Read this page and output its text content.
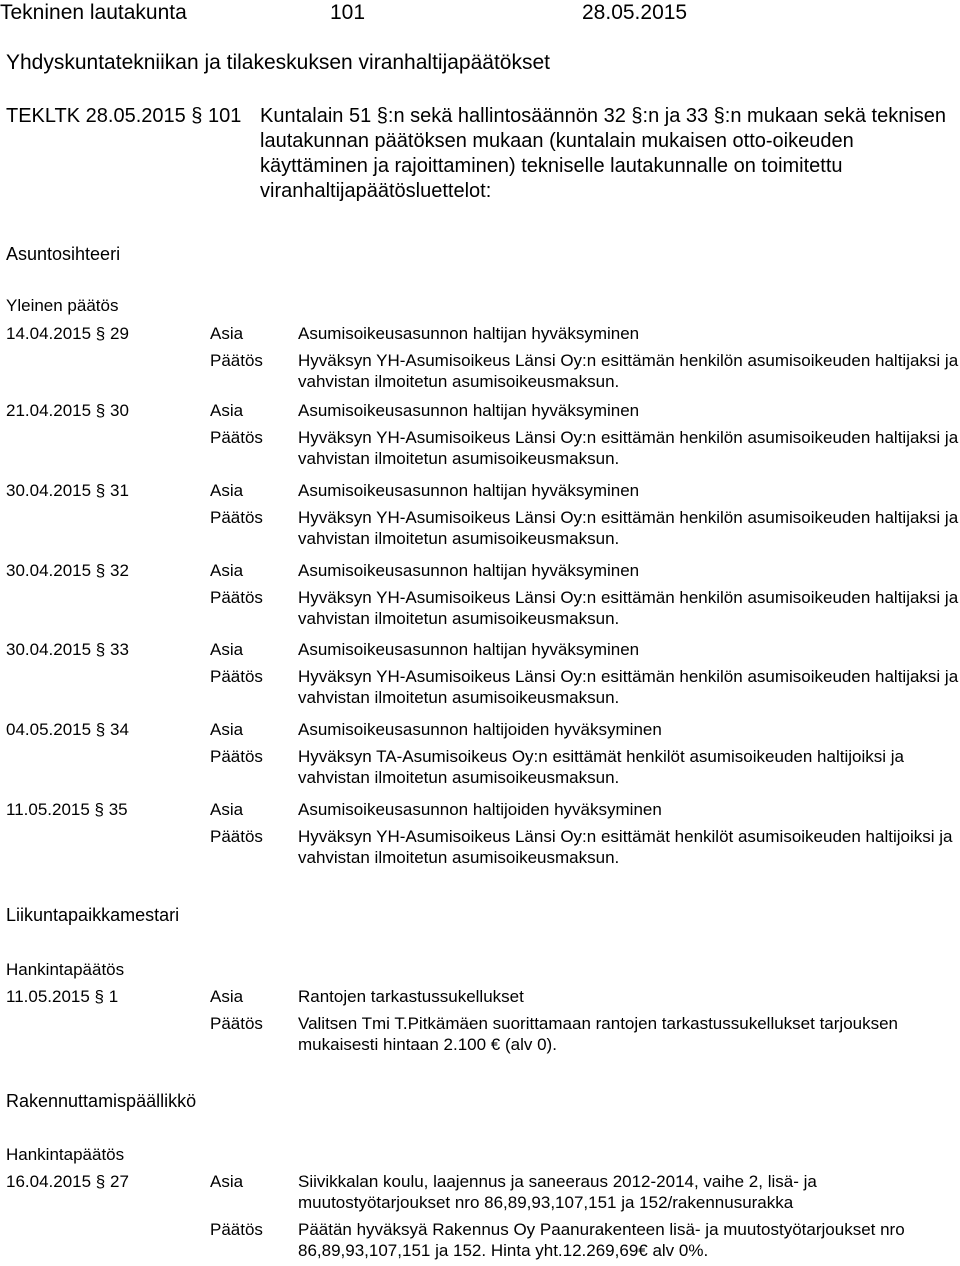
Tekninen lautakunta	101	28.05.2015
Yhdyskuntatekniikan ja tilakeskuksen viranhaltijapäätökset
TEKLTK 28.05.2015 § 101 Kuntalain 51 §:n sekä hallintosäännön 32 §:n ja 33 §:n mukaan sekä teknisen lautakunnan päätöksen mukaan (kuntalain mukaisen otto-oikeuden käyttäminen ja rajoittaminen) tekniselle lautakunnalle on toimitettu viranhaltijapäätösluettelot:
Asuntosihteeri
Yleinen päätös
14.04.2015 § 29	Asia	Asumisoikeusasunnon haltijan hyväksyminen
Päätös Hyväksyn YH-Asumisoikeus Länsi Oy:n esittämän henkilön asumisoikeuden haltijaksi ja vahvistan ilmoitetun asumisoikeusmaksun.
21.04.2015 § 30	Asia	Asumisoikeusasunnon haltijan hyväksyminen
Päätös Hyväksyn YH-Asumisoikeus Länsi Oy:n esittämän henkilön asumisoikeuden haltijaksi ja vahvistan ilmoitetun asumisoikeusmaksun.
30.04.2015 § 31	Asia	Asumisoikeusasunnon haltijan hyväksyminen
Päätös Hyväksyn YH-Asumisoikeus Länsi Oy:n esittämän henkilön asumisoikeuden haltijaksi ja vahvistan ilmoitetun asumisoikeusmaksun.
30.04.2015 § 32	Asia	Asumisoikeusasunnon haltijan hyväksyminen
Päätös Hyväksyn YH-Asumisoikeus Länsi Oy:n esittämän henkilön asumisoikeuden haltijaksi ja vahvistan ilmoitetun asumisoikeusmaksun.
30.04.2015 § 33	Asia	Asumisoikeusasunnon haltijan hyväksyminen
Päätös Hyväksyn YH-Asumisoikeus Länsi Oy:n esittämän henkilön asumisoikeuden haltijaksi ja vahvistan ilmoitetun asumisoikeusmaksun.
04.05.2015 § 34	Asia	Asumisoikeusasunnon haltijoiden hyväksyminen
Päätös Hyväksyn TA-Asumisoikeus Oy:n esittämät henkilöt asumisoikeuden haltijoiksi ja vahvistan ilmoitetun asumisoikeusmaksun.
11.05.2015 § 35	Asia	Asumisoikeusasunnon haltijoiden hyväksyminen
Päätös Hyväksyn YH-Asumisoikeus Länsi Oy:n esittämät henkilöt asumisoikeuden haltijoiksi ja vahvistan ilmoitetun asumisoikeusmaksun.
Liikuntapaikkamestari
Hankintapäätös
11.05.2015 § 1	Asia	Rantojen tarkastussukellukset
Päätös Valitsen Tmi T.Pitkämäen suorittamaan rantojen tarkastussukellukset tarjouksen mukaisesti hintaan 2.100 € (alv 0).
Rakennuttamispäällikkö
Hankintapäätös
16.04.2015 § 27	Asia	Siivikkalan koulu, laajennus ja saneeraus 2012-2014, vaihe 2, lisä- ja muutostyötarjoukset nro 86,89,93,107,151 ja 152/rakennusurakka
Päätös Päätän hyväksyä Rakennus Oy Paanurakenteen lisä- ja muutostyötarjoukset nro 86,89,93,107,151 ja 152. Hinta yht.12.269,69€ alv 0%.
